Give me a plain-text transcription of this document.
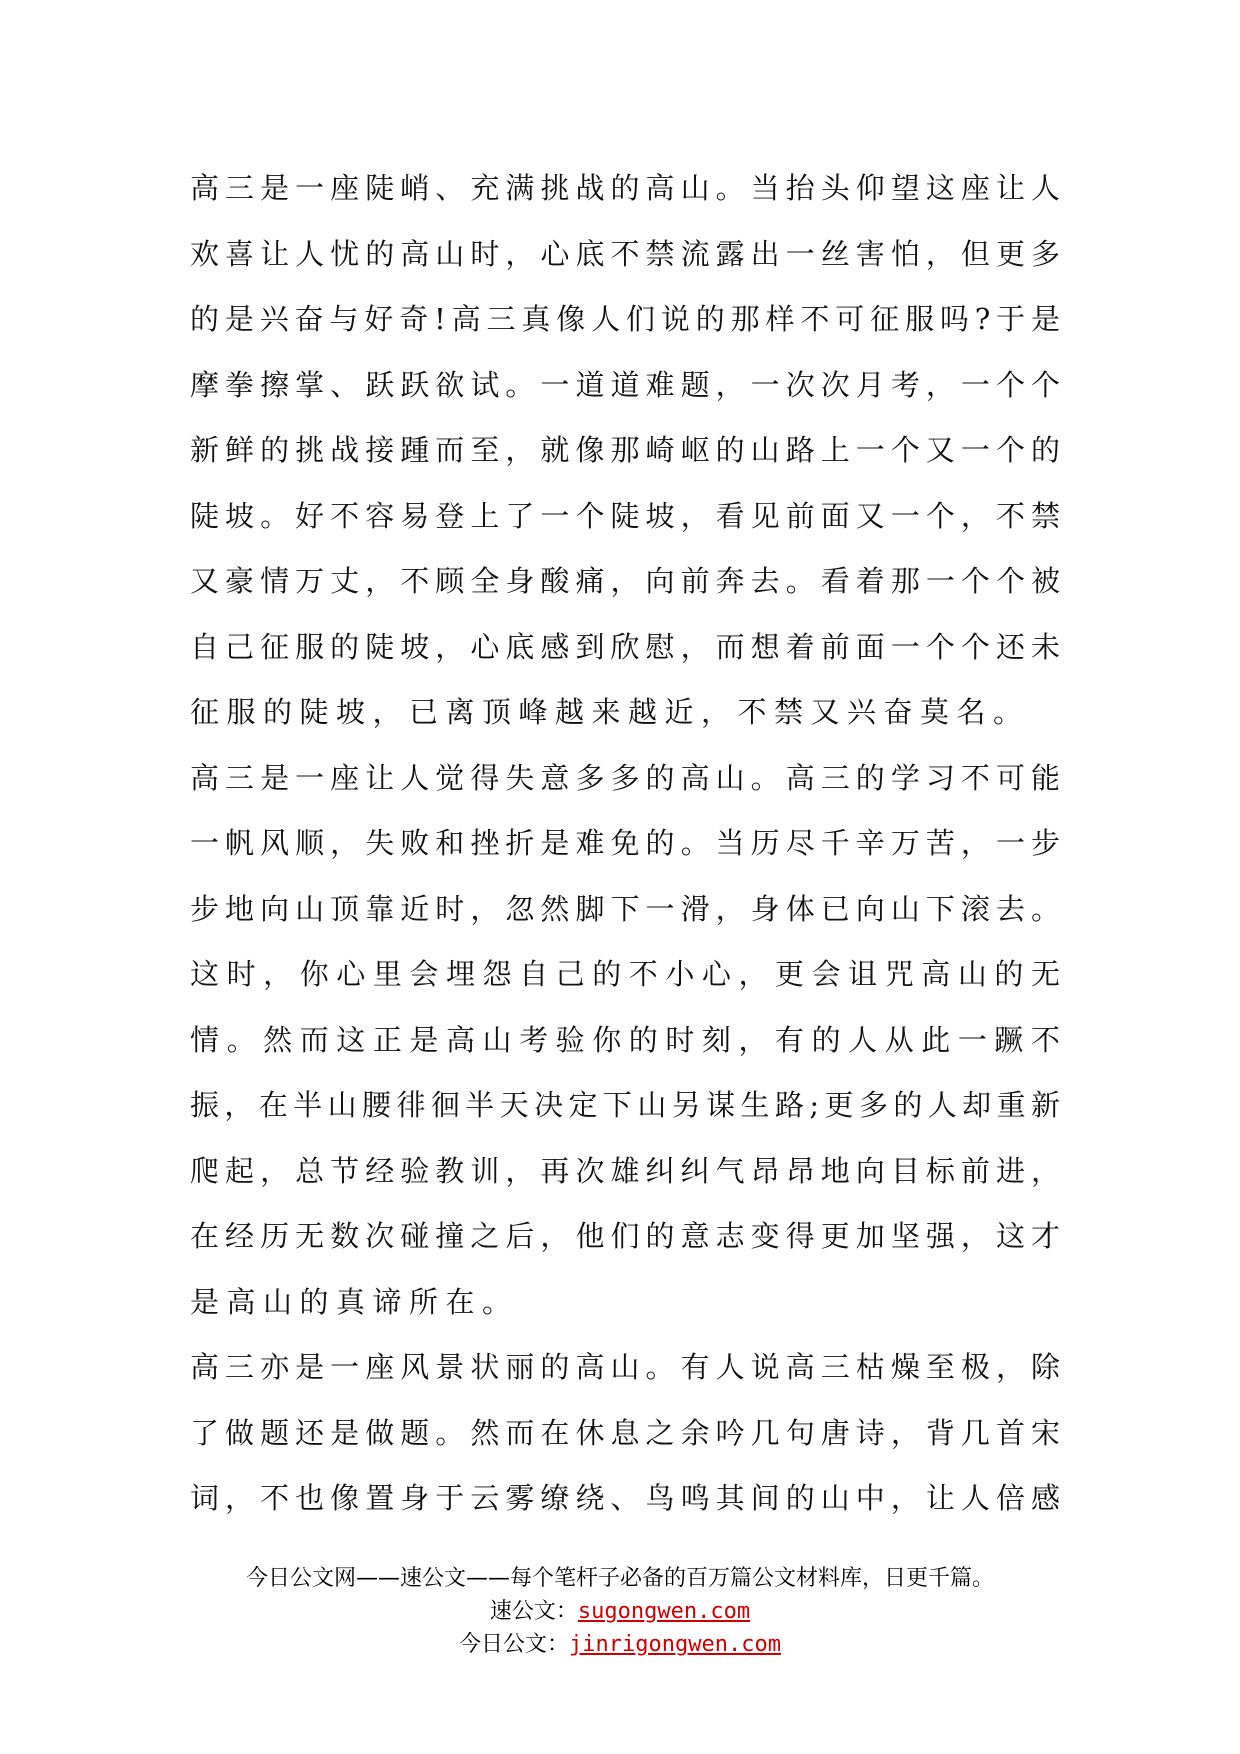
高三是一座陡峭、充满挑战的高山。当抬头仰望这座让人
欢喜让人忧的高山时，心底不禁流露出一丝害怕，但更多
的是兴奋与好奇!高三真像人们说的那样不可征服吗?于是
摩拳擦掌、跃跃欲试。一道道难题，一次次月考，一个个
新鲜的挑战接踵而至，就像那崎岖的山路上一个又一个的
陡坡。好不容易登上了一个陡坡，看见前面又一个，不禁
又豪情万丈，不顾全身酸痛，向前奔去。看着那一个个被
自己征服的陡坡，心底感到欣慰，而想着前面一个个还未
征服的陡坡，已离顶峰越来越近，不禁又兴奋莫名。
高三是一座让人觉得失意多多的高山。高三的学习不可能
一帆风顺，失败和挫折是难免的。当历尽千辛万苦，一步
步地向山顶靠近时，忽然脚下一滑，身体已向山下滚去。
这时，你心里会埋怨自己的不小心，更会诅咒高山的无
情。然而这正是高山考验你的时刻，有的人从此一蹶不
振，在半山腰徘徊半天决定下山另谋生路;更多的人却重新
爬起，总节经验教训，再次雄纠纠气昂昂地向目标前进，
在经历无数次碰撞之后，他们的意志变得更加坚强，这才
是高山的真谛所在。
高三亦是一座风景状丽的高山。有人说高三枯燥至极，除
了做题还是做题。然而在休息之余吟几句唐诗，背几首宋
词，不也像置身于云雾缭绕、鸟鸣其间的山中，让人倍感
今日公文网——速公文——每个笔杆子必备的百万篇公文材料库，日更千篇。
速公文：sugongwen.com
今日公文：jinrigongwen.com
